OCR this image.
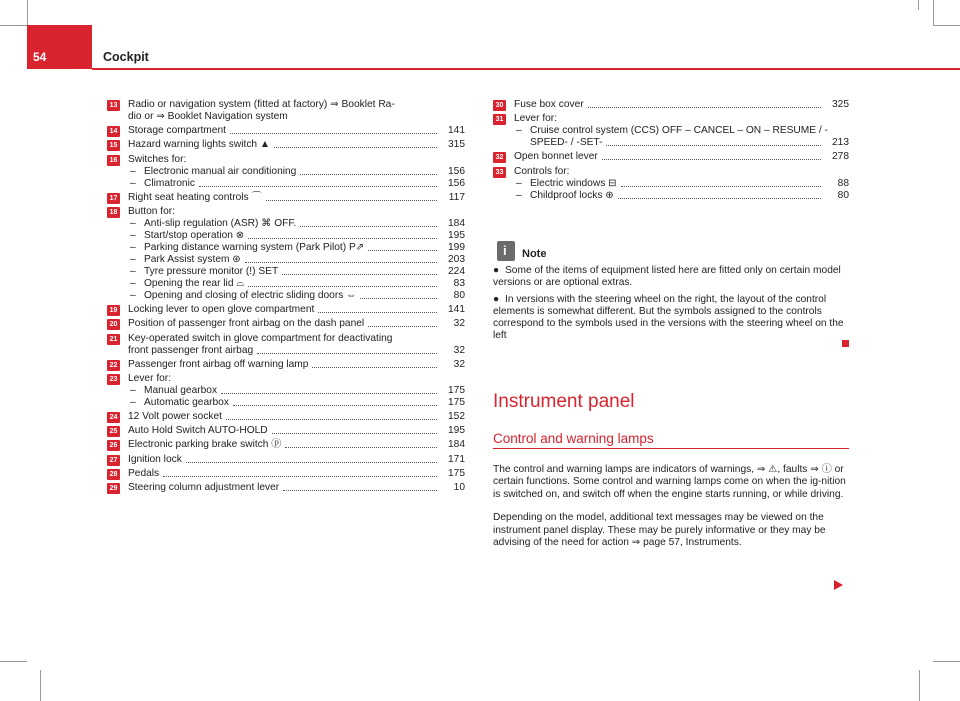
54	Cockpit
13 Radio or navigation system (fitted at factory) ⇒ Booklet Ra-
dio or ⇒ Booklet Navigation system
14 Storage compartment	141
15 Hazard warning lights switch ▲	315
16 Switches for:
– Electronic manual air conditioning	156
– Climatronic	156
17 Right seat heating controls ⌒	117
18 Button for:
– Anti-slip regulation (ASR) ⌘ OFF.	184
– Start/stop operation ⊗	195
– Parking distance warning system (Park Pilot) P⇗	199
– Park Assist system ⊛	203
– Tyre pressure monitor (!) SET	224
– Opening the rear lid ⌓	83
– Opening and closing of electric sliding doors ⇔	80
19 Locking lever to open glove compartment	141
20 Position of passenger front airbag on the dash panel	32
21 Key-operated switch in glove compartment for deactivating
front passenger front airbag	32
22 Passenger front airbag off warning lamp	32
23 Lever for:
– Manual gearbox	175
– Automatic gearbox	175
24 12 Volt power socket	152
25 Auto Hold Switch AUTO-HOLD	195
26 Electronic parking brake switch ⓟ	184
27 Ignition lock	171
28 Pedals	175
29 Steering column adjustment lever	10
30 Fuse box cover	325
31 Lever for:
– Cruise control system (CCS) OFF – CANCEL – ON – RESUME / -
SPEED- / -SET-	213
32 Open bonnet lever	278
33 Controls for:
– Electric windows ⊟	88
– Childproof locks ⊕	80
i Note

● Some of the items of equipment listed here are fitted only on certain model versions or are optional extras.

● In versions with the steering wheel on the right, the layout of the control elements is somewhat different. But the symbols assigned to the controls correspond to the symbols used in the versions with the steering wheel on the left

Instrument panel
Control and warning lamps

The control and warning lamps are indicators of warnings, ⇒ ⚠, faults ⇒ ⓘ or certain functions. Some control and warning lamps come on when the ig-nition is switched on, and switch off when the engine starts running, or while driving.

Depending on the model, additional text messages may be viewed on the instrument panel display. These may be purely informative or they may be advising of the need for action ⇒ page 57, Instruments.
